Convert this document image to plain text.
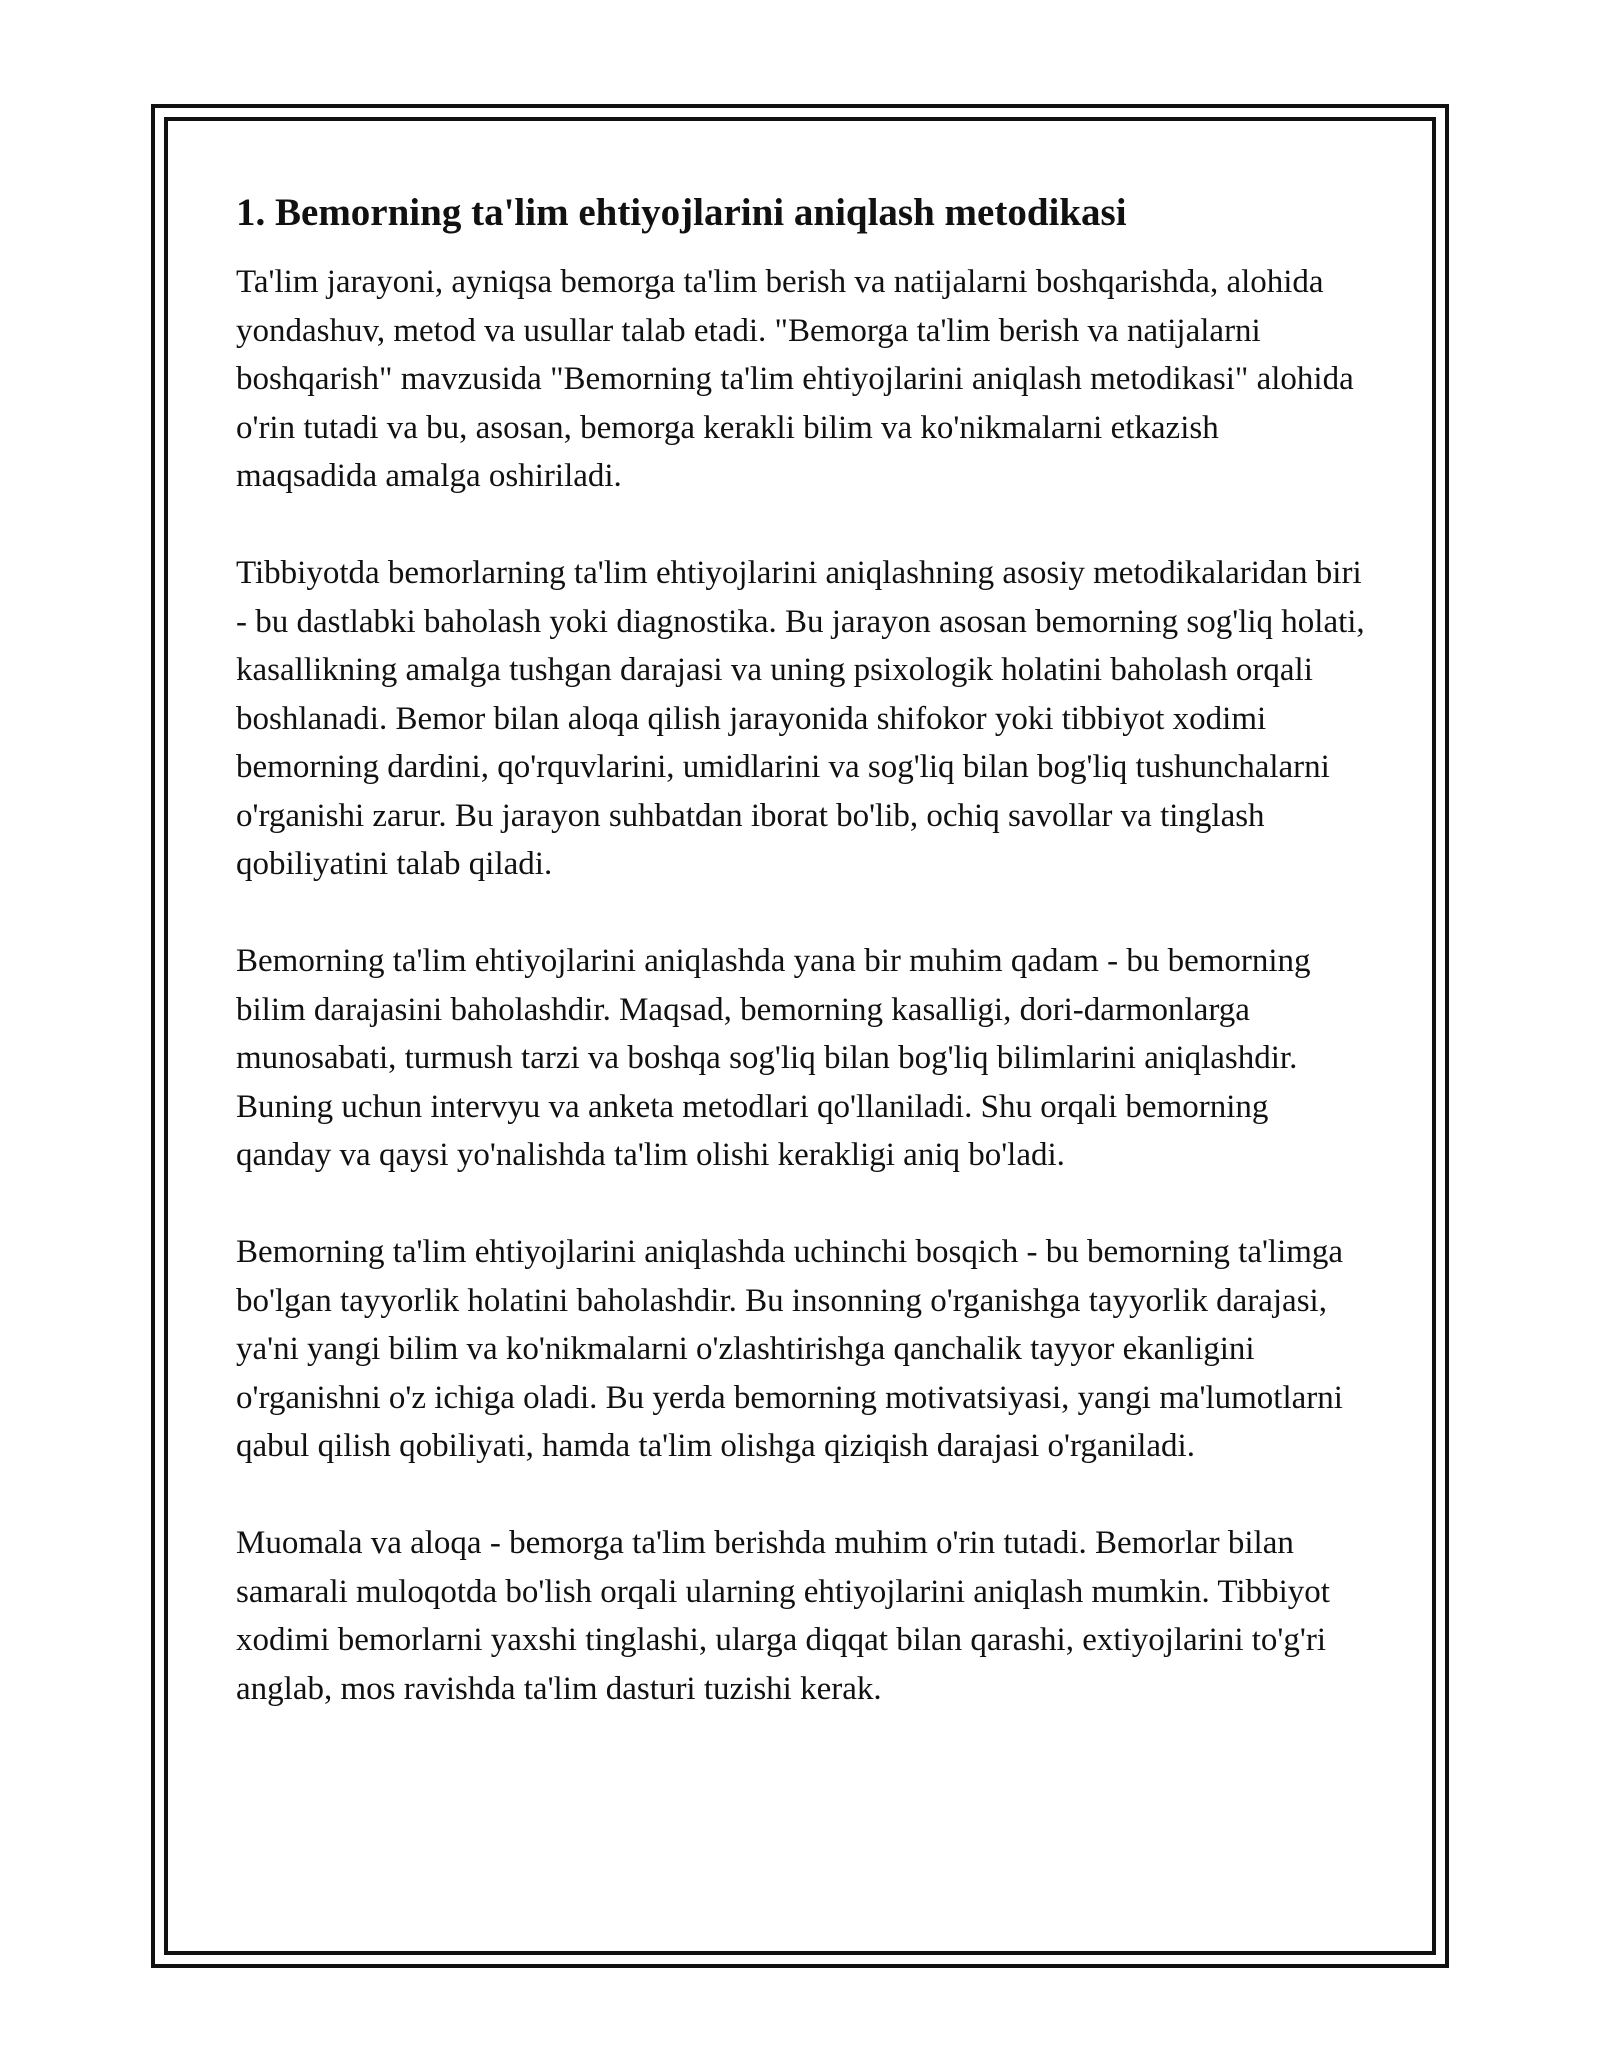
1. Bemorning ta'lim ehtiyojlarini aniqlash metodikasi

Ta'lim jarayoni, ayniqsa bemorga ta'lim berish va natijalarni boshqarishda, alohida yondashuv, metod va usullar talab etadi. "Bemorga ta'lim berish va natijalarni boshqarish" mavzusida "Bemorning ta'lim ehtiyojlarini aniqlash metodikasi" alohida o'rin tutadi va bu, asosan, bemorga kerakli bilim va ko'nikmalarni etkazish maqsadida amalga oshiriladi.

Tibbiyotda bemorlarning ta'lim ehtiyojlarini aniqlashning asosiy metodikalaridan biri - bu dastlabki baholash yoki diagnostika. Bu jarayon asosan bemorning sog'liq holati, kasallikning amalga tushgan darajasi va uning psixologik holatini baholash orqali boshlanadi. Bemor bilan aloqa qilish jarayonida shifokor yoki tibbiyot xodimi bemorning dardini, qo'rquvlarini, umidlarini va sog'liq bilan bog'liq tushunchalarni o'rganishi zarur. Bu jarayon suhbatdan iborat bo'lib, ochiq savollar va tinglash qobiliyatini talab qiladi.

Bemorning ta'lim ehtiyojlarini aniqlashda yana bir muhim qadam - bu bemorning bilim darajasini baholashdir. Maqsad, bemorning kasalligi, dori-darmonlarga munosabati, turmush tarzi va boshqa sog'liq bilan bog'liq bilimlarini aniqlashdir. Buning uchun intervyu va anketa metodlari qo'llaniladi. Shu orqali bemorning qanday va qaysi yo'nalishda ta'lim olishi kerakligi aniq bo'ladi.

Bemorning ta'lim ehtiyojlarini aniqlashda uchinchi bosqich - bu bemorning ta'limga bo'lgan tayyorlik holatini baholashdir. Bu insonning o'rganishga tayyorlik darajasi, ya'ni yangi bilim va ko'nikmalarni o'zlashtirishga qanchalik tayyor ekanligini o'rganishni o'z ichiga oladi. Bu yerda bemorning motivatsiyasi, yangi ma'lumotlarni qabul qilish qobiliyati, hamda ta'lim olishga qiziqish darajasi o'rganiladi.

Muomala va aloqa - bemorga ta'lim berishda muhim o'rin tutadi. Bemorlar bilan samarali muloqotda bo'lish orqali ularning ehtiyojlarini aniqlash mumkin. Tibbiyot xodimi bemorlarni yaxshi tinglashi, ularga diqqat bilan qarashi, extiyojlarini to'g'ri anglab, mos ravishda ta'lim dasturi tuzishi kerak.
